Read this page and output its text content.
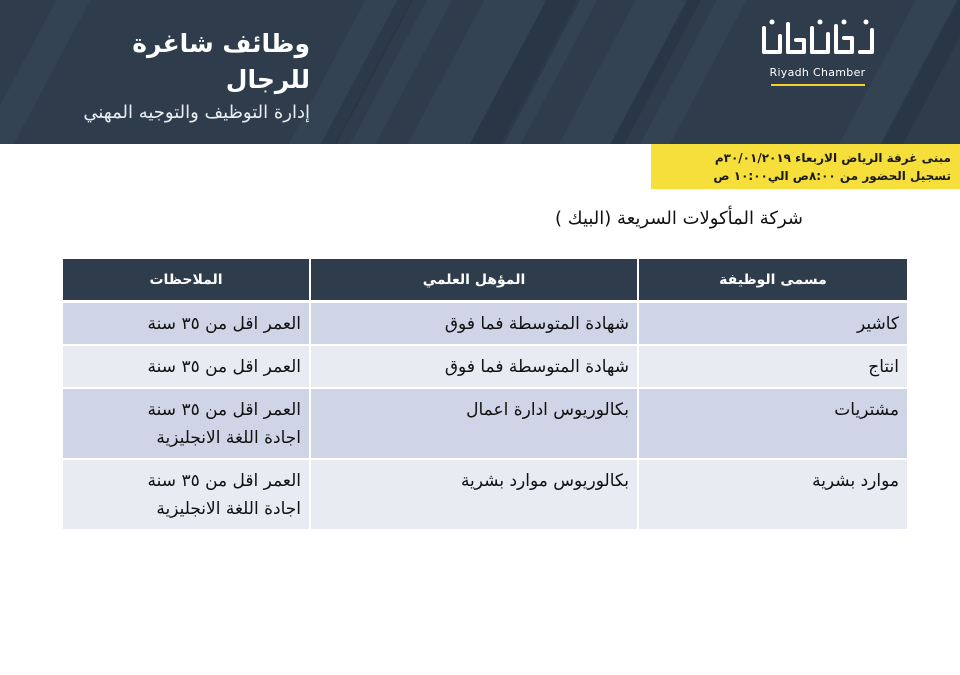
وظائف شاغرة للرجال
إدارة التوظيف والتوجيه المهني
Riyadh Chamber
مبنى غرفة الرياض الاربعاء ٣٠/٠١/٢٠١٩م
تسجيل الحضور من ٨:٠٠ص الي١٠:٠٠ ص
شركة المأكولات السريعة (البيك )
مسمى الوظيفة	المؤهل العلمي	الملاحظات

كاشير	شهادة المتوسطة فما فوق	العمر اقل من ٣٥ سنة

انتاج	شهادة المتوسطة فما فوق	العمر اقل من ٣٥ سنة

مشتريات	بكالوريوس ادارة اعمال	العمر اقل من ٣٥ سنة
اجادة اللغة الانجليزية

موارد بشرية	بكالوريوس موارد بشرية	العمر اقل من ٣٥ سنة
اجادة اللغة الانجليزية
